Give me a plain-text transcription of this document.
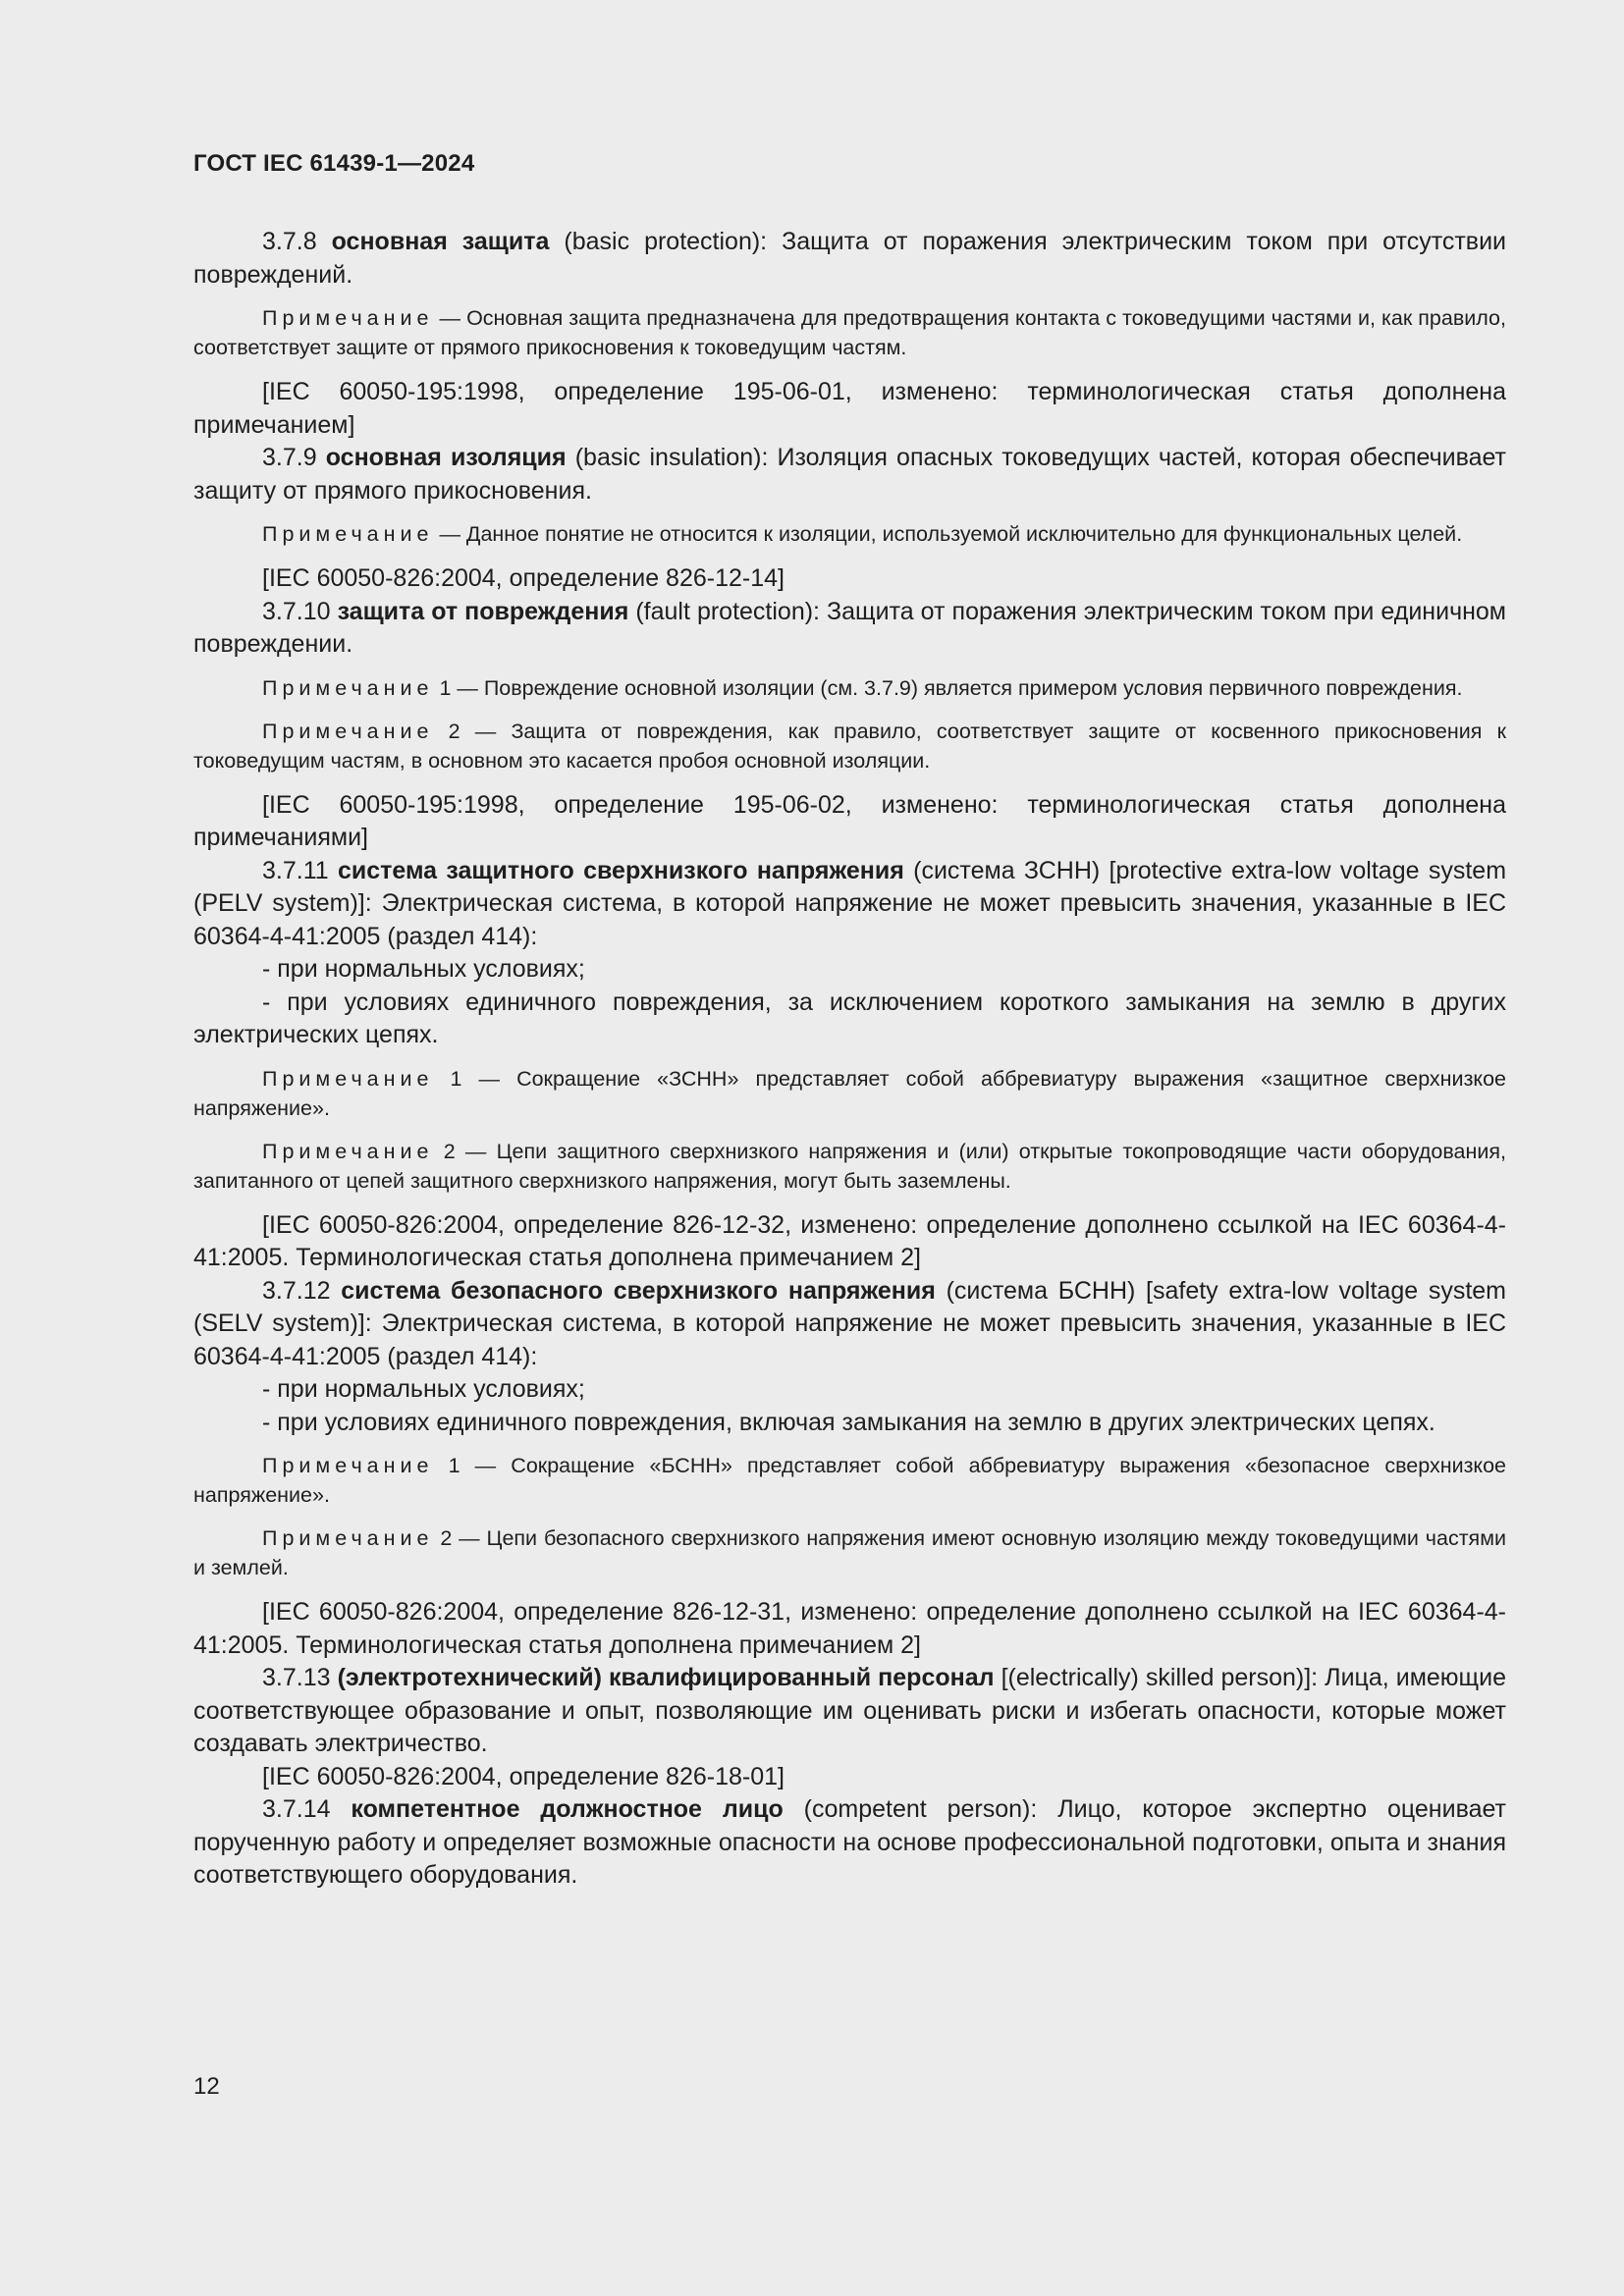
ГОСТ IEC 61439-1—2024

3.7.8 основная защита (basic protection): Защита от поражения электрическим током при отсутствии повреждений.

Примечание — Основная защита предназначена для предотвращения контакта с токоведущими частями и, как правило, соответствует защите от прямого прикосновения к токоведущим частям.

[IEC 60050-195:1998, определение 195-06-01, изменено: терминологическая статья дополнена примечанием]

3.7.9 основная изоляция (basic insulation): Изоляция опасных токоведущих частей, которая обеспечивает защиту от прямого прикосновения.

Примечание — Данное понятие не относится к изоляции, используемой исключительно для функциональных целей.

[IEC 60050-826:2004, определение 826-12-14]

3.7.10 защита от повреждения (fault protection): Защита от поражения электрическим током при единичном повреждении.

Примечание 1 — Повреждение основной изоляции (см. 3.7.9) является примером условия первичного повреждения.

Примечание 2 — Защита от повреждения, как правило, соответствует защите от косвенного прикосновения к токоведущим частям, в основном это касается пробоя основной изоляции.

[IEC 60050-195:1998, определение 195-06-02, изменено: терминологическая статья дополнена примечаниями]

3.7.11 система защитного сверхнизкого напряжения (система ЗСНН) [protective extra-low voltage system (PELV system)]: Электрическая система, в которой напряжение не может превысить значения, указанные в IEC 60364-4-41:2005 (раздел 414):

- при нормальных условиях;

- при условиях единичного повреждения, за исключением короткого замыкания на землю в других электрических цепях.

Примечание 1 — Сокращение «ЗСНН» представляет собой аббревиатуру выражения «защитное сверхнизкое напряжение».

Примечание 2 — Цепи защитного сверхнизкого напряжения и (или) открытые токопроводящие части оборудования, запитанного от цепей защитного сверхнизкого напряжения, могут быть заземлены.

[IEC 60050-826:2004, определение 826-12-32, изменено: определение дополнено ссылкой на IEC 60364-4-41:2005. Терминологическая статья дополнена примечанием 2]

3.7.12 система безопасного сверхнизкого напряжения (система БСНН) [safety extra-low voltage system (SELV system)]: Электрическая система, в которой напряжение не может превысить значения, указанные в IEC 60364-4-41:2005 (раздел 414):

- при нормальных условиях;

- при условиях единичного повреждения, включая замыкания на землю в других электрических цепях.

Примечание 1 — Сокращение «БСНН» представляет собой аббревиатуру выражения «безопасное сверхнизкое напряжение».

Примечание 2 — Цепи безопасного сверхнизкого напряжения имеют основную изоляцию между токоведущими частями и землей.

[IEC 60050-826:2004, определение 826-12-31, изменено: определение дополнено ссылкой на IEC 60364-4-41:2005. Терминологическая статья дополнена примечанием 2]

3.7.13 (электротехнический) квалифицированный персонал [(electrically) skilled person)]: Лица, имеющие соответствующее образование и опыт, позволяющие им оценивать риски и избегать опасности, которые может создавать электричество.

[IEC 60050-826:2004, определение 826-18-01]

3.7.14 компетентное должностное лицо (competent person): Лицо, которое экспертно оценивает порученную работу и определяет возможные опасности на основе профессиональной подготовки, опыта и знания соответствующего оборудования.

12
